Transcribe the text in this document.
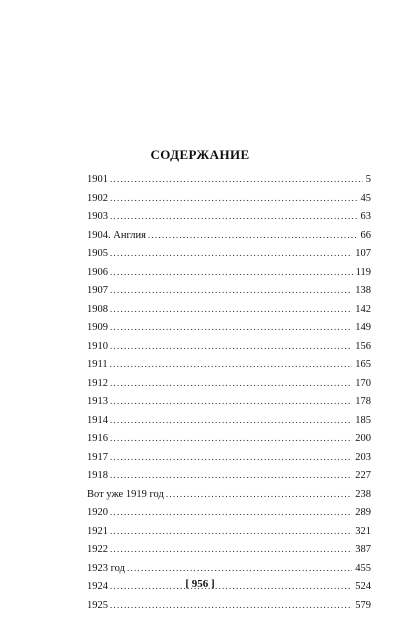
СОДЕРЖАНИЕ
1901 . . .	5
1902 . . .	45
1903 . . .	63
1904. Англия . . .	66
1905 . . .	107
1906 . . .	119
1907 . . .	138
1908 . . .	142
1909 . . .	149
1910 . . .	156
1911 . . .	165
1912 . . .	170
1913 . . .	178
1914 . . .	185
1916 . . .	200
1917 . . .	203
1918 . . .	227
Вот уже 1919 год . . .	238
1920 . . .	289
1921 . . .	321
1922 . . .	387
1923 год . . .	455
1924 . . .	524
1925 . . .	579
[ 956 ]
